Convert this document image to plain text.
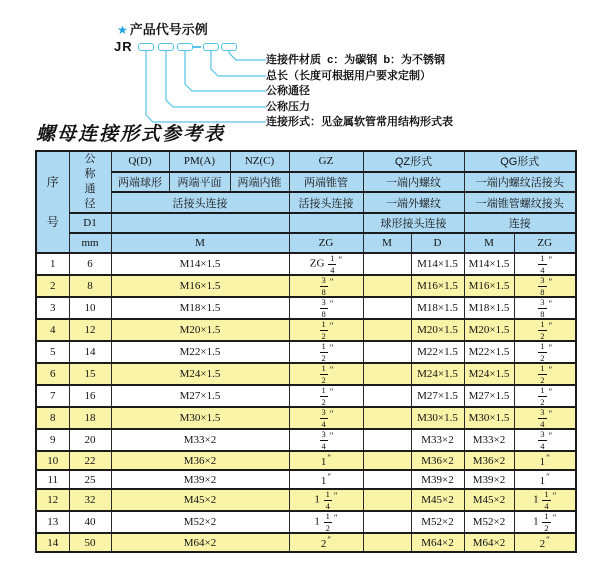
★ 产品代号示例
JR
连接件材质  c：为碳钢  b：为不锈钢
总长（长度可根据用户要求定制）
公称通径
公称压力
连接形式：见金属软管常用结构形式表
螺母连接形式参考表
序号	公称通径	Q(D)	PM(A)	NZ(C)	GZ	QZ形式		QG形式	
		两端球形	两端平面	两端内锥	两端锥管	一端内螺纹		一端内螺纹活接头	
		活接头连接			活接头连接	一端外螺纹		一端锥管螺纹接头	
	D1					球形接头连接		连接	
	mm	M			ZG	M	D	M	ZG
1	6	M14×1.5			ZG $\frac{1}{4} ''$		M14×1.5	M14×1.5	$\frac{1}{4} ''$
2	8	M16×1.5			$\frac{3}{8} ''$		M16×1.5	M16×1.5	$\frac{3}{8} ''$
3	10	M18×1.5			$\frac{3}{8} ''$		M18×1.5	M18×1.5	$\frac{3}{8} ''$
4	12	M20×1.5			$\frac{1}{2} ''$		M20×1.5	M20×1.5	$\frac{1}{2} ''$
5	14	M22×1.5			$\frac{1}{2} ''$		M22×1.5	M22×1.5	$\frac{1}{2} ''$
6	15	M24×1.5			$\frac{1}{2} ''$		M24×1.5	M24×1.5	$\frac{1}{2} ''$
7	16	M27×1.5			$\frac{1}{2} ''$		M27×1.5	M27×1.5	$\frac{1}{2} ''$
8	18	M30×1.5			$\frac{3}{4} ''$		M30×1.5	M30×1.5	$\frac{3}{4} ''$
9	20	M33×2			$\frac{3}{4} ''$		M33×2	M33×2	$\frac{3}{4} ''$
10	22	M36×2			1″		M36×2	M36×2	1″
11	25	M39×2			1″		M39×2	M39×2	1″
12	32	M45×2			$1 \frac{1}{4} ''$		M45×2	M45×2	$1 \frac{1}{4} ''$
13	40	M52×2			$1 \frac{1}{2} ''$		M52×2	M52×2	$1 \frac{1}{2} ''$
14	50	M64×2			2″		M64×2	M64×2	2″
